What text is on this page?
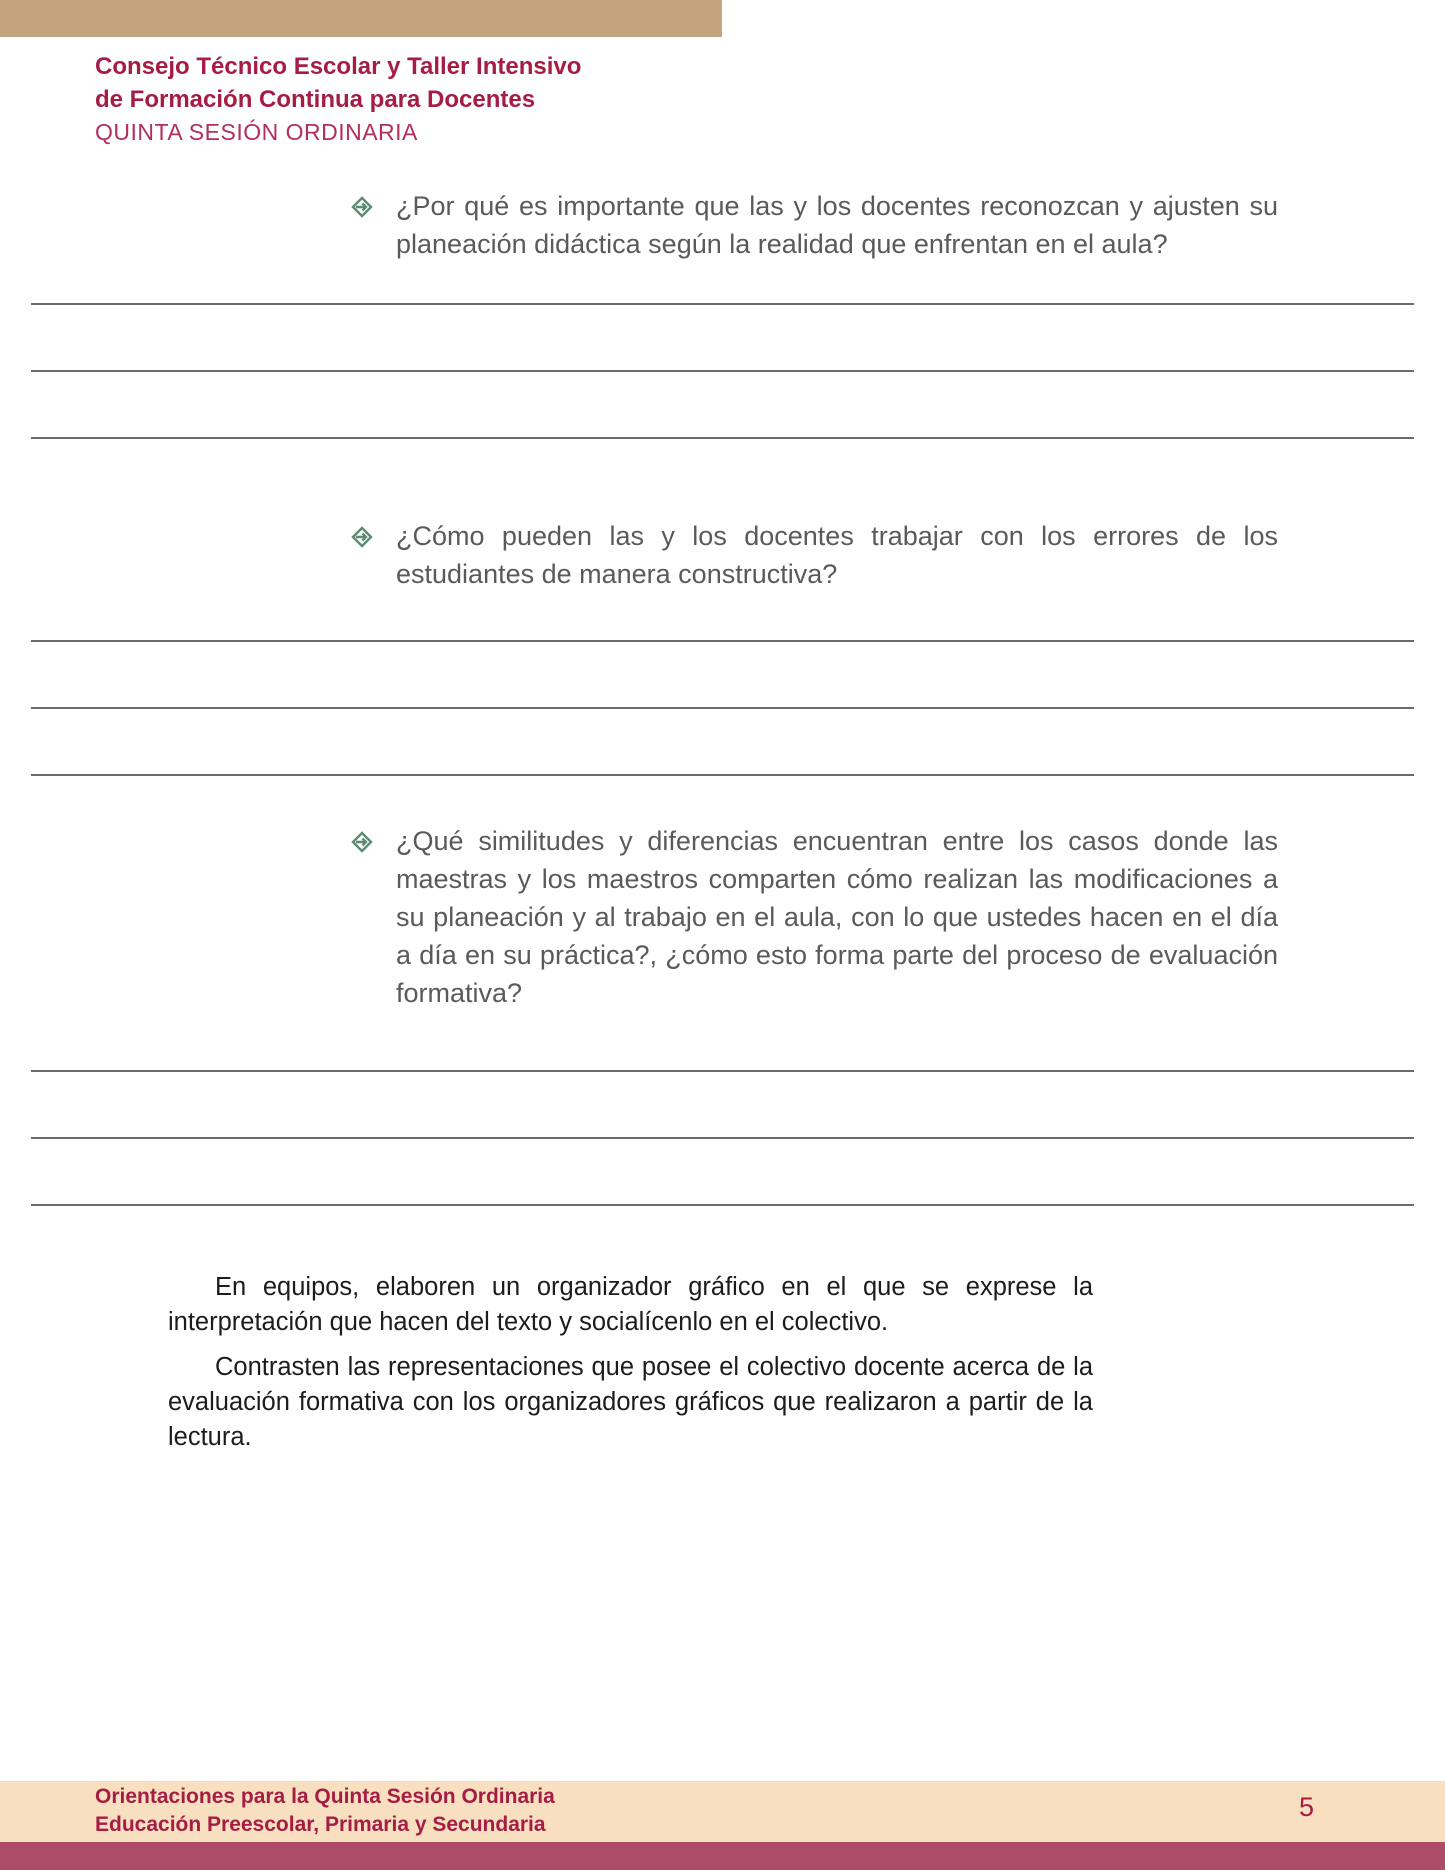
Consejo Técnico Escolar y Taller Intensivo
de Formación Continua para Docentes
QUINTA SESIÓN ORDINARIA
¿Por qué es importante que las y los docentes reconozcan y ajusten su planeación didáctica según la realidad que enfrentan en el aula?
¿Cómo pueden las y los docentes trabajar con los errores de los estudiantes de manera constructiva?
¿Qué similitudes y diferencias encuentran entre los casos donde las maestras y los maestros comparten cómo realizan las modificaciones a su planeación y al trabajo en el aula, con lo que ustedes hacen en el día a día en su práctica?, ¿cómo esto forma parte del proceso de evaluación formativa?

En equipos, elaboren un organizador gráfico en el que se exprese la interpretación que hacen del texto y socialícenlo en el colectivo.

Contrasten las representaciones que posee el colectivo docente acerca de la evaluación formativa con los organizadores gráficos que realizaron a partir de la lectura.

Orientaciones para la Quinta Sesión Ordinaria
Educación Preescolar, Primaria y Secundaria
5
